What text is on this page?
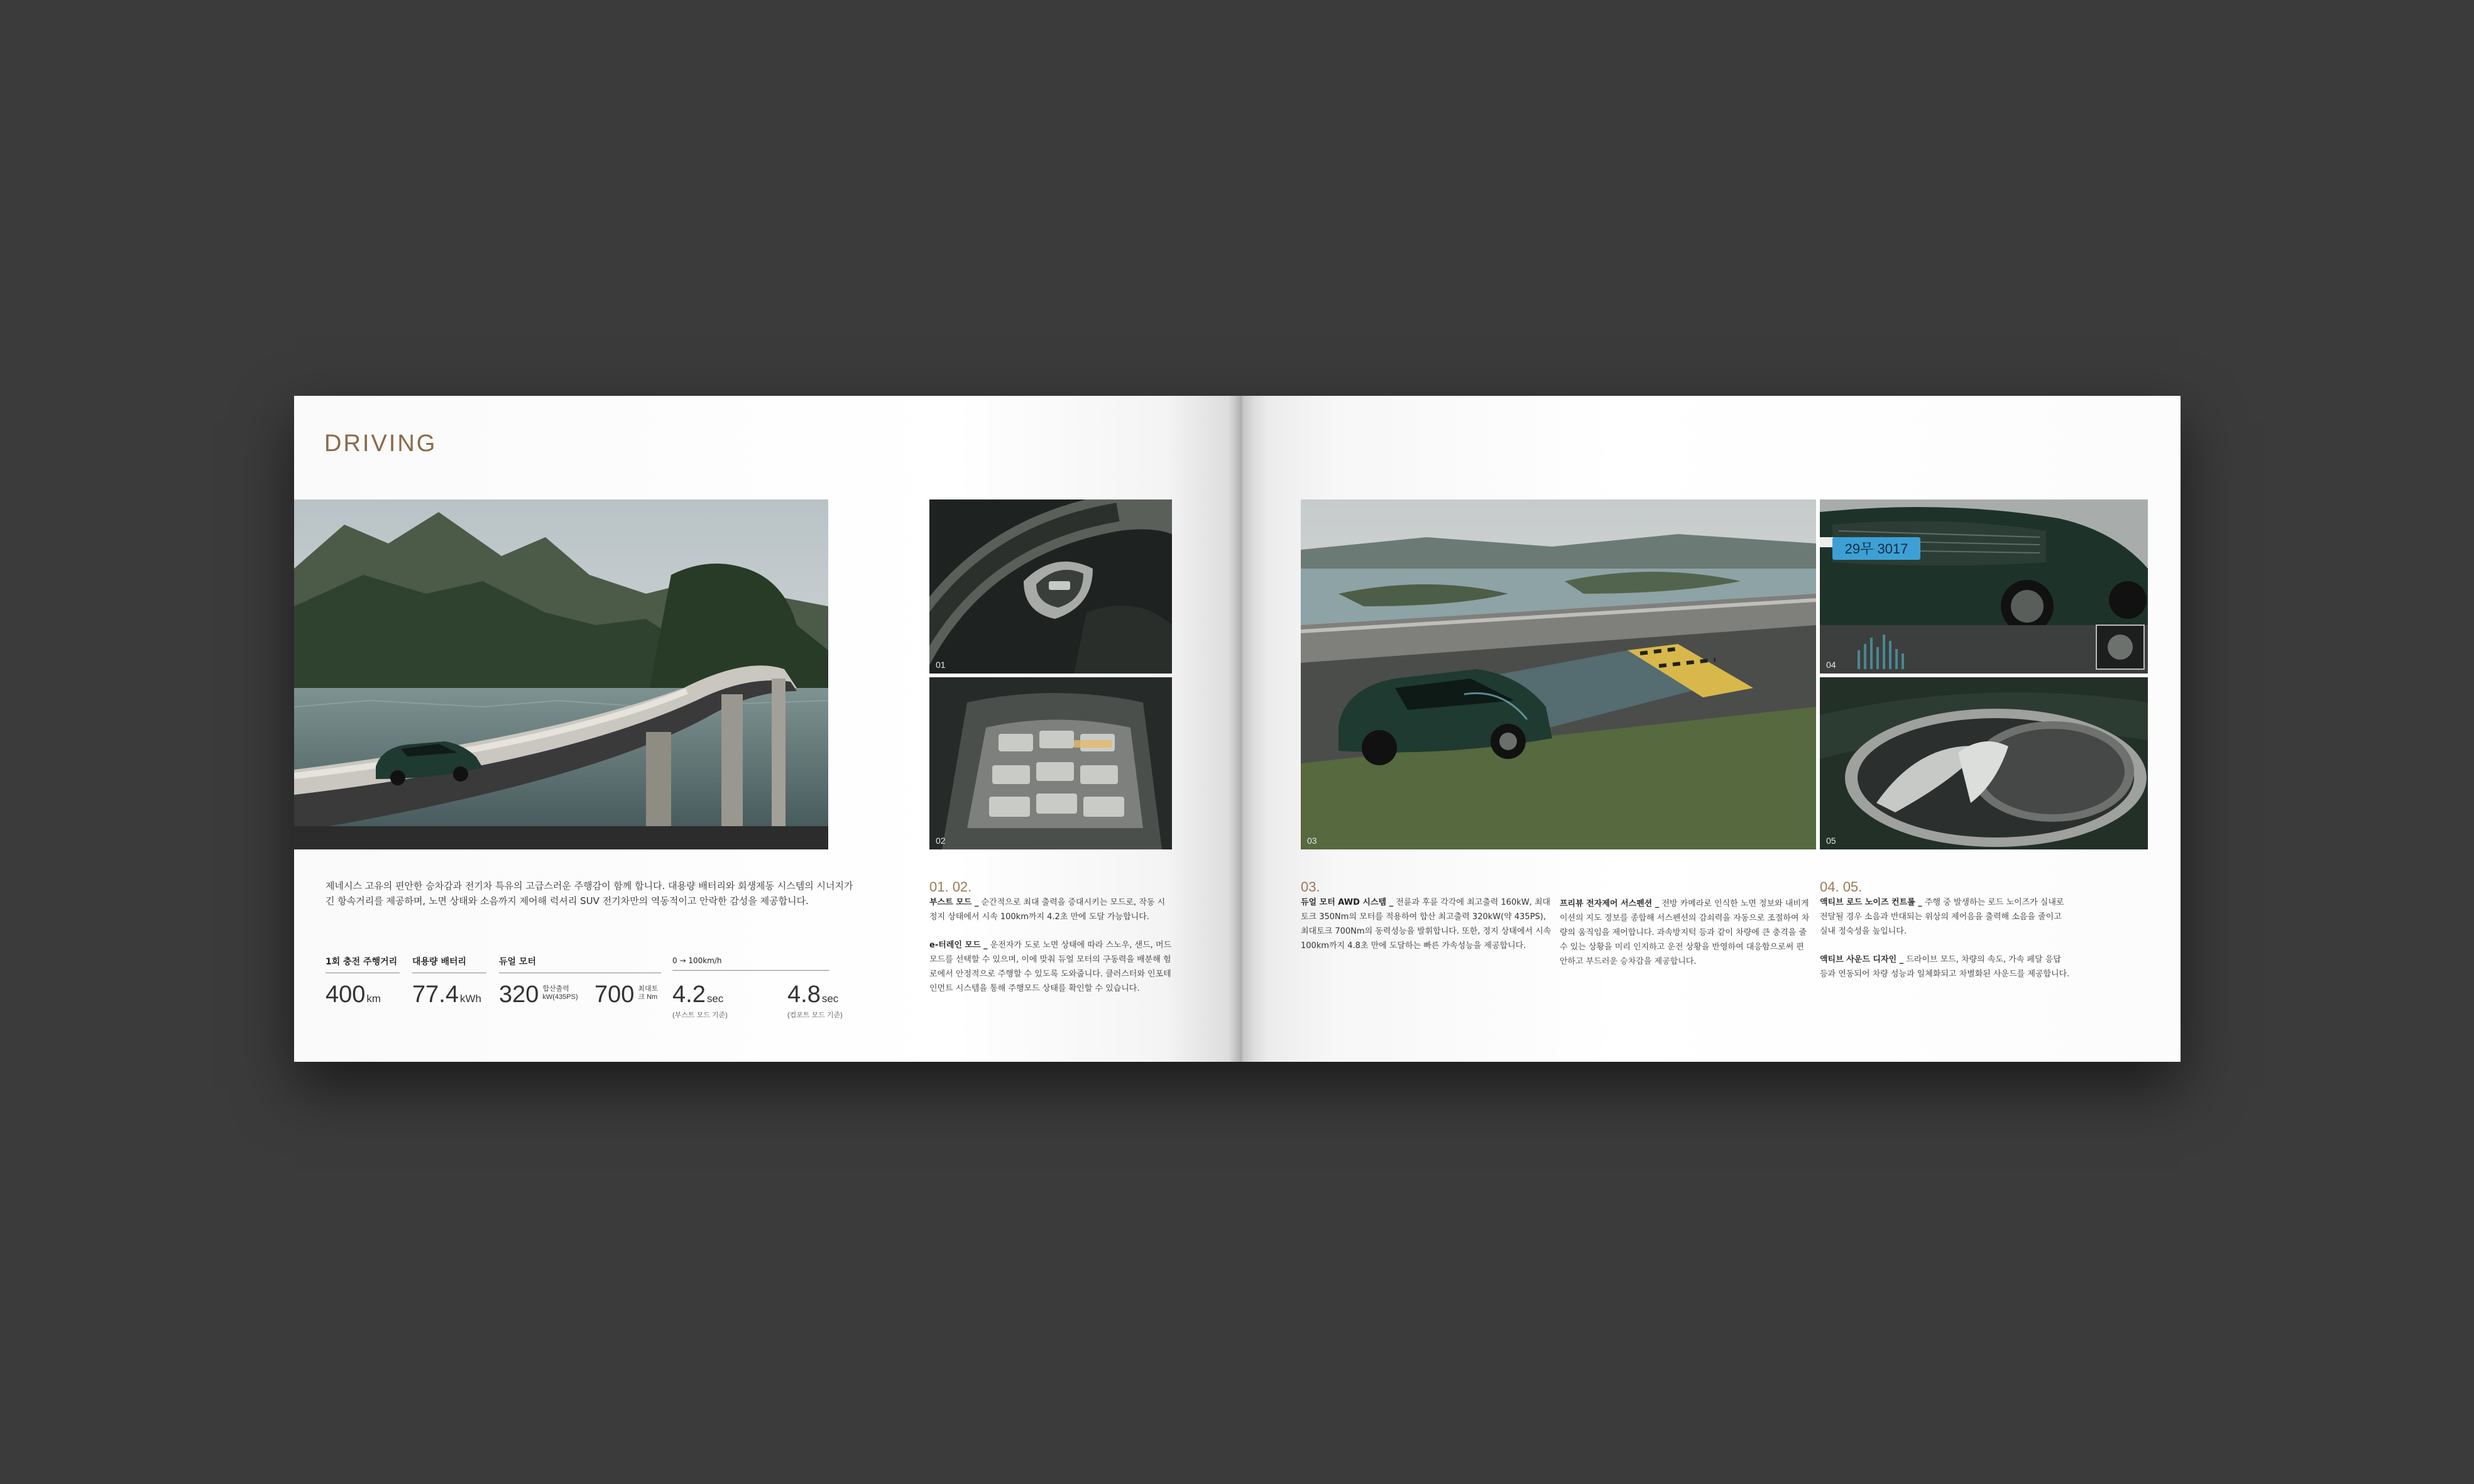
DRIVING
01
02

제네시스 고유의 편안한 승차감과 전기차 특유의 고급스러운 주행감이 함께 합니다. 대용량 배터리와 회생제동 시스템의 시너지가 긴 항속거리를 제공하며, 노면 상태와 소음까지 제어해 럭셔리 SUV 전기차만의 역동적이고 안락한 감성을 제공합니다.

1회 충전 주행거리 대용량 배터리	듀얼 모터	0 → 100km/h
400 km 77.4 kWh 320 합산출력 kW(435PS) 700 최대토크 Nm 4.2 sec
(부스트 모드 기준)
4.8 sec
(컴포트 모드 기준)
01. 02.

부스트 모드 _ 순간적으로 최대 출력을 증대시키는 모드로, 작동 시 정지 상태에서 시속 100km까지 4.2초 만에 도달 가능합니다.

e-터레인 모드 _ 운전자가 도로 노면 상태에 따라 스노우, 샌드, 머드 모드를 선택할 수 있으며, 이에 맞춰 듀얼 모터의 구동력을 배분해 험로에서 안정적으로 주행할 수 있도록 도와줍니다. 클러스터와 인포테인먼트 시스템을 통해 주행모드 상태를 확인할 수 있습니다.

03
29무 3017
04
05
03.

듀얼 모터 AWD 시스템 _ 전륜과 후륜 각각에 최고출력 160kW, 최대토크 350Nm의 모터를 적용하여 합산 최고출력 320kW(약 435PS), 최대토크 700Nm의 동력성능을 발휘합니다. 또한, 정지 상태에서 시속 100km까지 4.8초 만에 도달하는 빠른 가속성능을 제공합니다.

프리뷰 전자제어 서스펜션 _ 전방 카메라로 인식한 노면 정보와 내비게이션의 지도 정보를 종합해 서스펜션의 감쇠력을 자동으로 조절하여 차량의 움직임을 제어합니다. 과속방지턱 등과 같이 차량에 큰 충격을 줄 수 있는 상황을 미리 인지하고 운전 상황을 반영하여 대응함으로써 편안하고 부드러운 승차감을 제공합니다.

04. 05.

액티브 로드 노이즈 컨트롤 _ 주행 중 발생하는 로드 노이즈가 실내로 전달될 경우 소음과 반대되는 위상의 제어음을 출력해 소음을 줄이고 실내 정숙성을 높입니다.

액티브 사운드 디자인 _ 드라이브 모드, 차량의 속도, 가속 페달 응답 등과 연동되어 차량 성능과 일체화되고 차별화된 사운드를 제공합니다.
